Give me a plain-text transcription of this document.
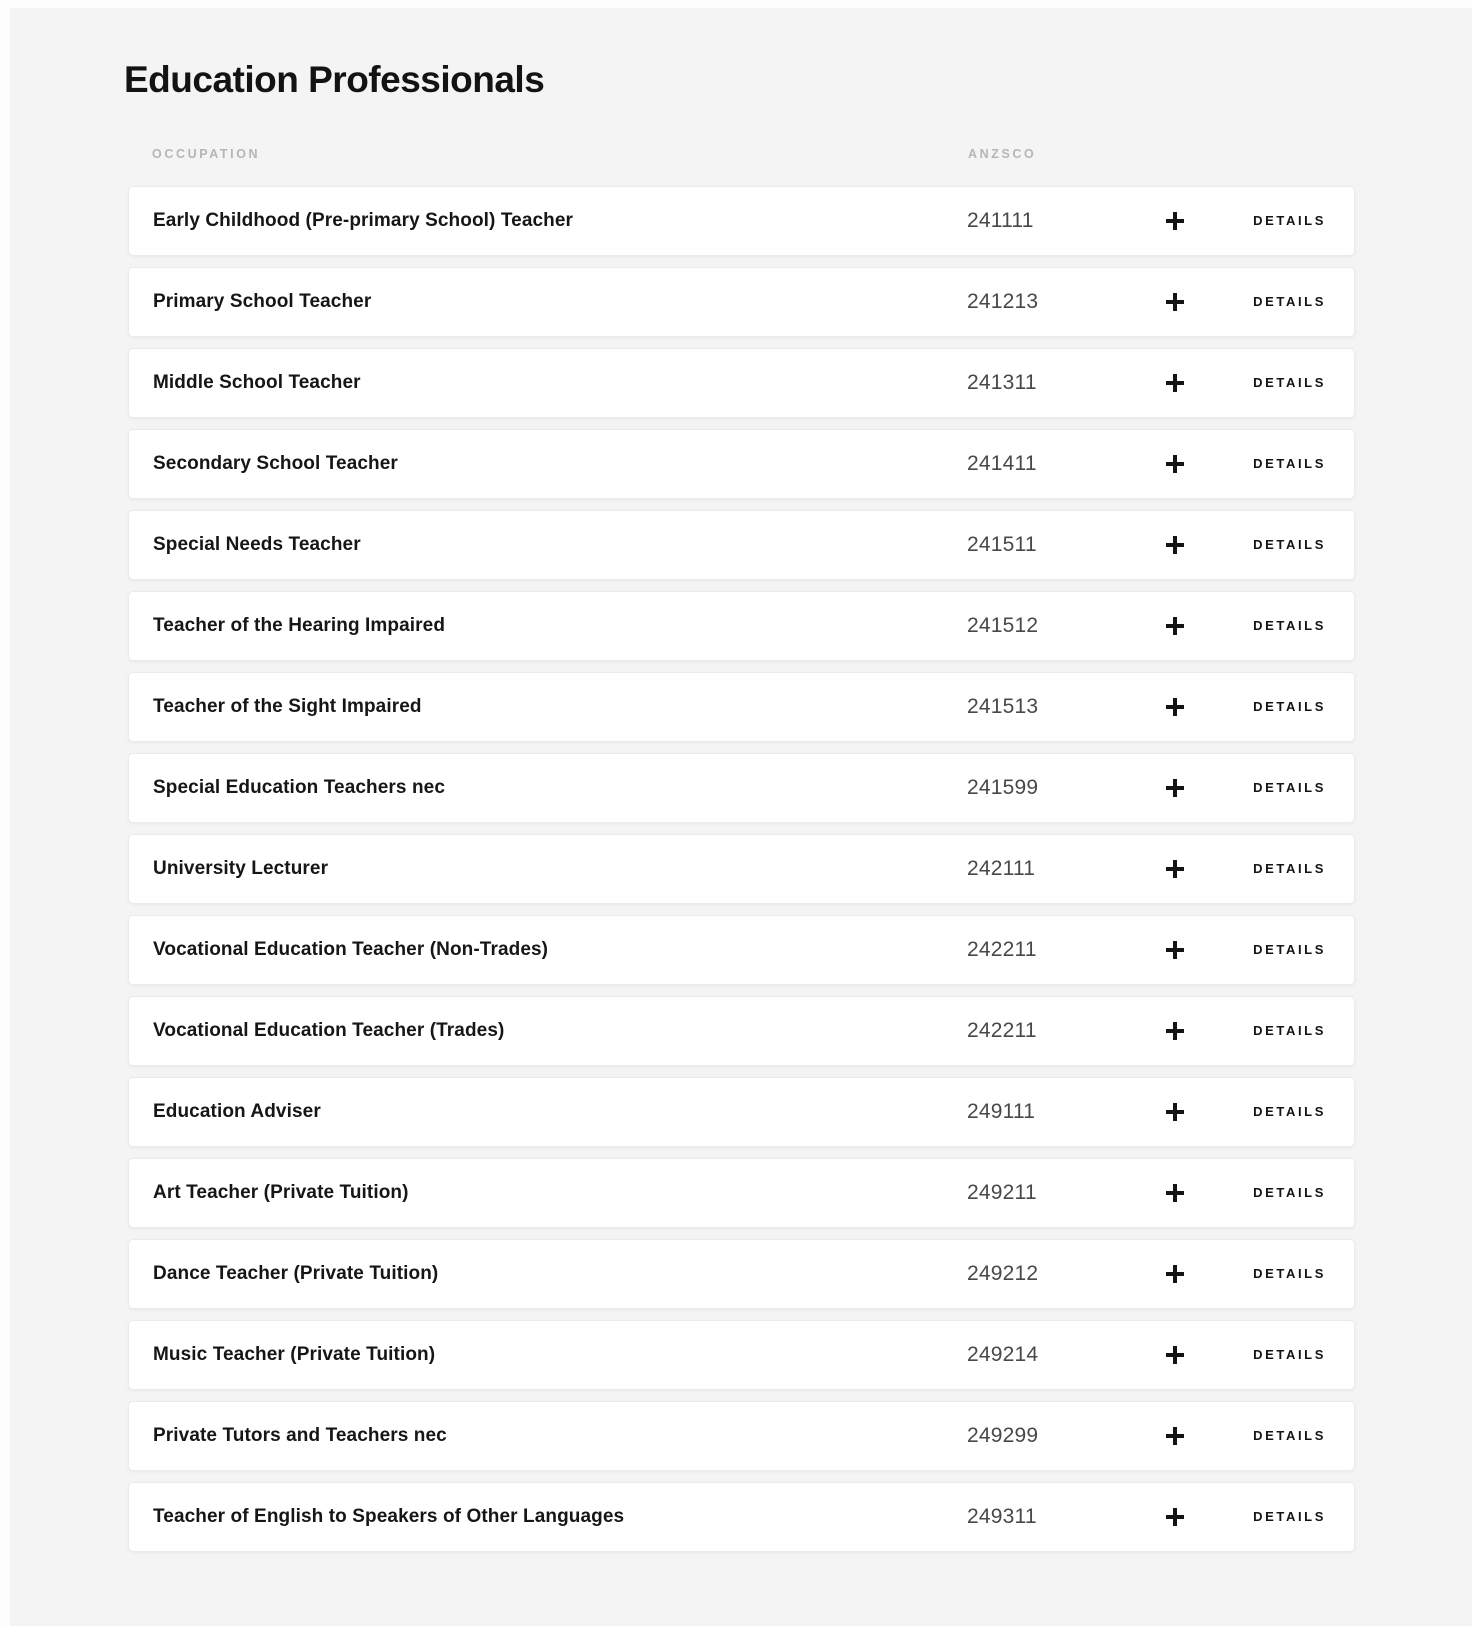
Education Professionals
OCCUPATION	ANZSCO
Early Childhood (Pre-primary School) Teacher	241111	DETAILS
Primary School Teacher	241213	DETAILS
Middle School Teacher	241311	DETAILS
Secondary School Teacher	241411	DETAILS
Special Needs Teacher	241511	DETAILS
Teacher of the Hearing Impaired	241512	DETAILS
Teacher of the Sight Impaired	241513	DETAILS
Special Education Teachers nec	241599	DETAILS
University Lecturer	242111	DETAILS
Vocational Education Teacher (Non-Trades)	242211	DETAILS
Vocational Education Teacher (Trades)	242211	DETAILS
Education Adviser	249111	DETAILS
Art Teacher (Private Tuition)	249211	DETAILS
Dance Teacher (Private Tuition)	249212	DETAILS
Music Teacher (Private Tuition)	249214	DETAILS
Private Tutors and Teachers nec	249299	DETAILS
Teacher of English to Speakers of Other Languages	249311	DETAILS
